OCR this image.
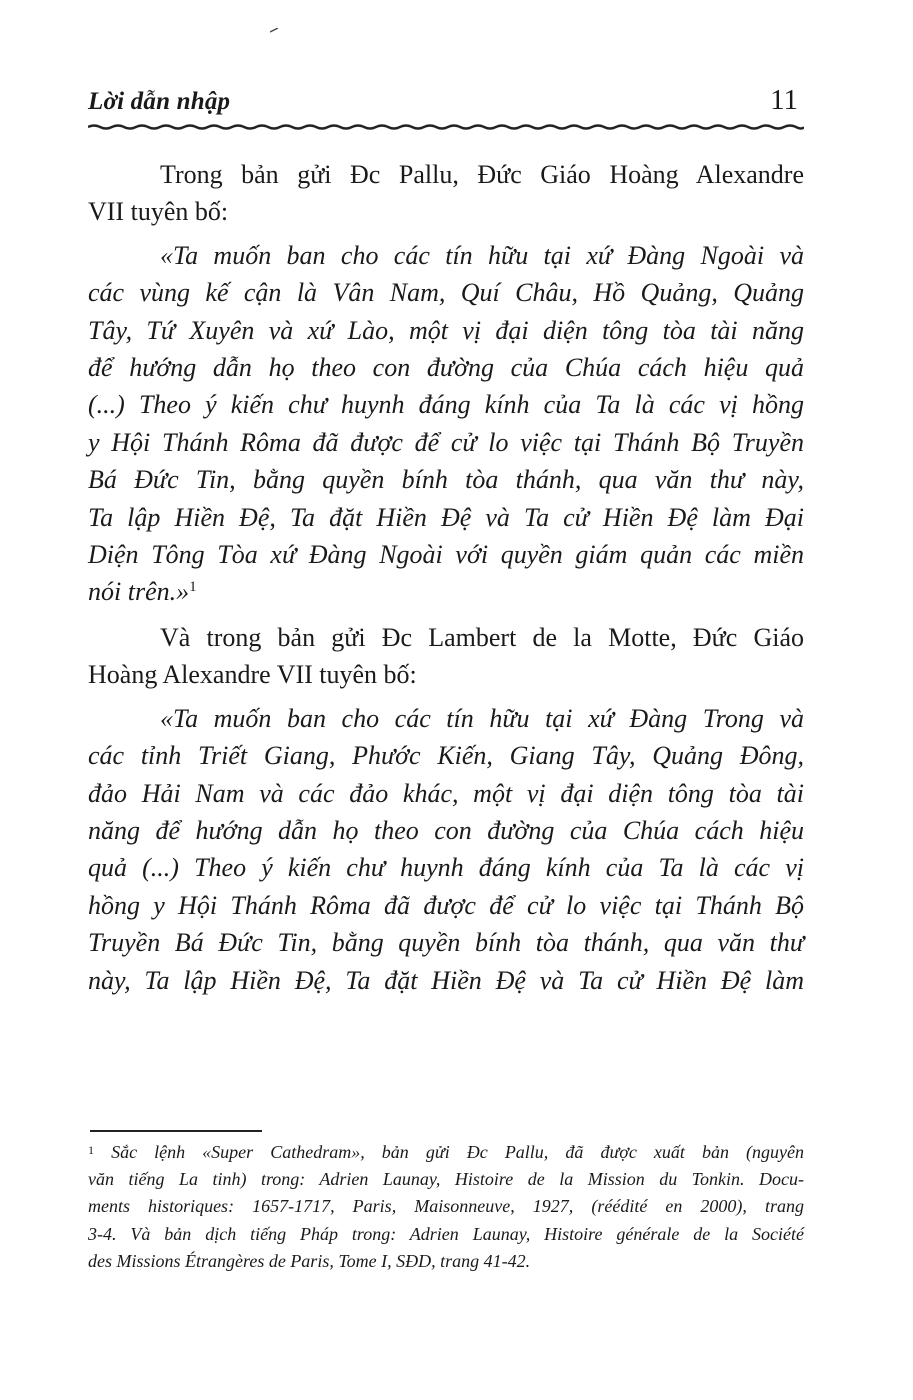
Lời dẫn nhập	11

Trong bản gửi Đc Pallu, Đức Giáo Hoàng Alexandre

VII tuyên bố:

«Ta muốn ban cho các tín hữu tại xứ Đàng Ngoài và
các vùng kế cận là Vân Nam, Quí Châu, Hồ Quảng, Quảng
Tây, Tứ Xuyên và xứ Lào, một vị đại diện tông tòa tài năng
để hướng dẫn họ theo con đường của Chúa cách hiệu quả
(...) Theo ý kiến chư huynh đáng kính của Ta là các vị hồng
y Hội Thánh Rôma đã được để cử lo việc tại Thánh Bộ Truyền
Bá Đức Tin, bằng quyền bính tòa thánh, qua văn thư này,
Ta lập Hiền Đệ, Ta đặt Hiền Đệ và Ta cử Hiền Đệ làm Đại
Diện Tông Tòa xứ Đàng Ngoài với quyền giám quản các miền
nói trên.»$^1$

Và trong bản gửi Đc Lambert de la Motte, Đức Giáo
Hoàng Alexandre VII tuyên bố:

«Ta muốn ban cho các tín hữu tại xứ Đàng Trong và
các tỉnh Triết Giang, Phước Kiến, Giang Tây, Quảng Đông,
đảo Hải Nam và các đảo khác, một vị đại diện tông tòa tài
năng để hướng dẫn họ theo con đường của Chúa cách hiệu
quả (...) Theo ý kiến chư huynh đáng kính của Ta là các vị
hồng y Hội Thánh Rôma đã được để cử lo việc tại Thánh Bộ
Truyền Bá Đức Tin, bằng quyền bính tòa thánh, qua văn thư
này, Ta lập Hiền Đệ, Ta đặt Hiền Đệ và Ta cử Hiền Đệ làm

$^1$ Sắc lệnh «Super Cathedram», bản gửi Đc Pallu, đã được xuất bản (nguyên
văn tiếng La tinh) trong: Adrien Launay, Histoire de la Mission du Tonkin. Docu-
ments historiques: 1657-1717, Paris, Maisonneuve, 1927, (réédité en 2000), trang
3-4. Và bản dịch tiếng Pháp trong: Adrien Launay, Histoire générale de la Société
des Missions Étrangères de Paris, Tome I, SĐD, trang 41-42.
